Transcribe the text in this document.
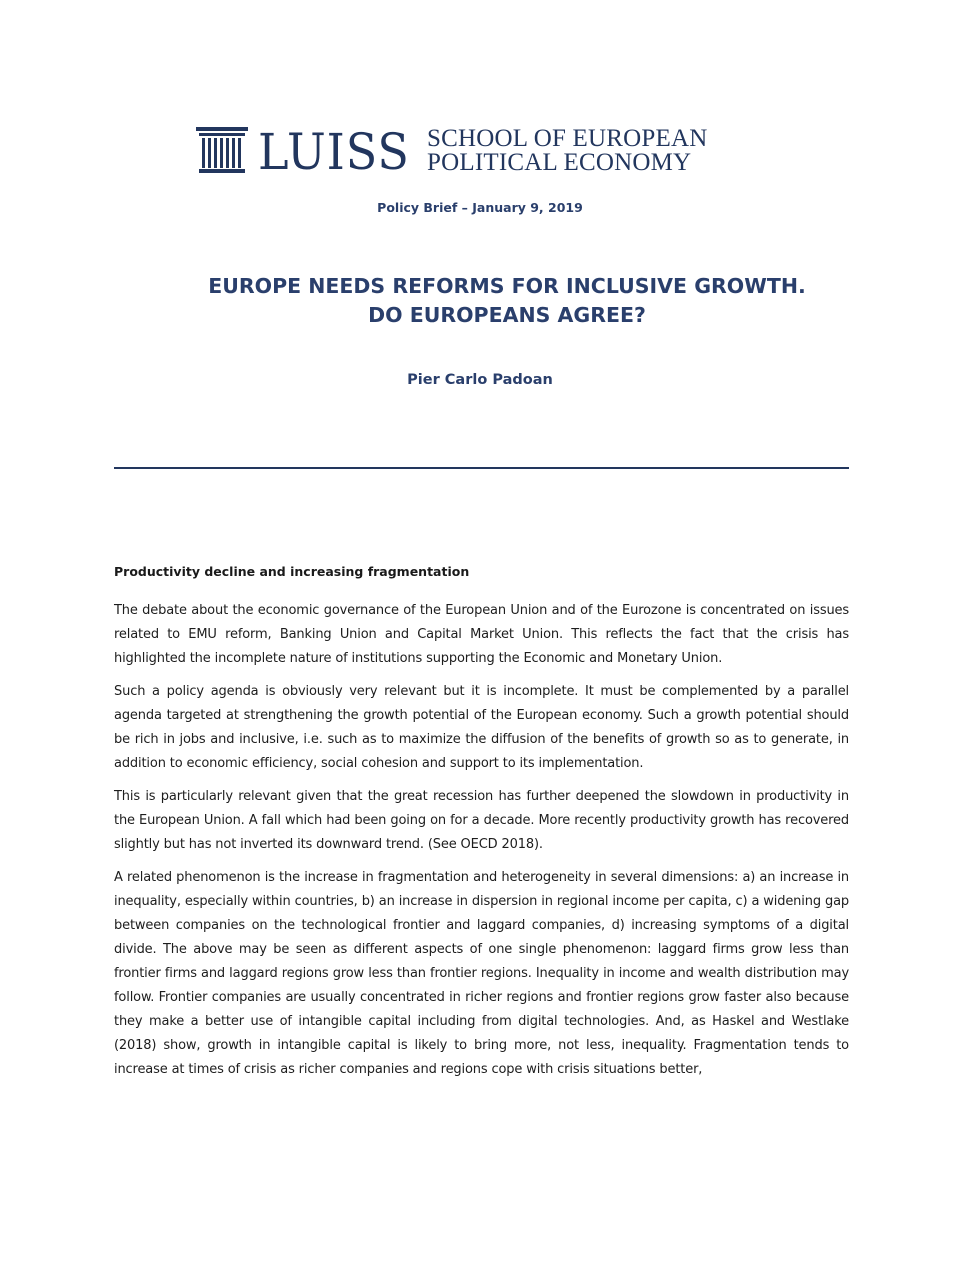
LUISS SCHOOL OF EUROPEAN
POLITICAL ECONOMY
Policy Brief – January 9, 2019
EUROPE NEEDS REFORMS FOR INCLUSIVE GROWTH.
DO EUROPEANS AGREE?
Pier Carlo Padoan

Productivity decline and increasing fragmentation

The debate about the economic governance of the European Union and of the Eurozone is concentrated on issues related to EMU reform, Banking Union and Capital Market Union. This reflects the fact that the crisis has highlighted the incomplete nature of institutions supporting the Economic and Monetary Union.

Such a policy agenda is obviously very relevant but it is incomplete. It must be complemented by a parallel agenda targeted at strengthening the growth potential of the European economy. Such a growth potential should be rich in jobs and inclusive, i.e. such as to maximize the diffusion of the benefits of growth so as to generate, in addition to economic efficiency, social cohesion and support to its implementation.

This is particularly relevant given that the great recession has further deepened the slowdown in productivity in the European Union. A fall which had been going on for a decade. More recently productivity growth has recovered slightly but has not inverted its downward trend. (See OECD 2018).

A related phenomenon is the increase in fragmentation and heterogeneity in several dimensions: a) an increase in inequality, especially within countries, b) an increase in dispersion in regional income per capita, c) a widening gap between companies on the technological frontier and laggard companies, d) increasing symptoms of a digital divide. The above may be seen as different aspects of one single phenomenon: laggard firms grow less than frontier firms and laggard regions grow less than frontier regions. Inequality in income and wealth distribution may follow. Frontier companies are usually concentrated in richer regions and frontier regions grow faster also because they make a better use of intangible capital including from digital technologies. And, as Haskel and Westlake (2018) show, growth in intangible capital is likely to bring more, not less, inequality. Fragmentation tends to increase at times of crisis as richer companies and regions cope with crisis situations better,
